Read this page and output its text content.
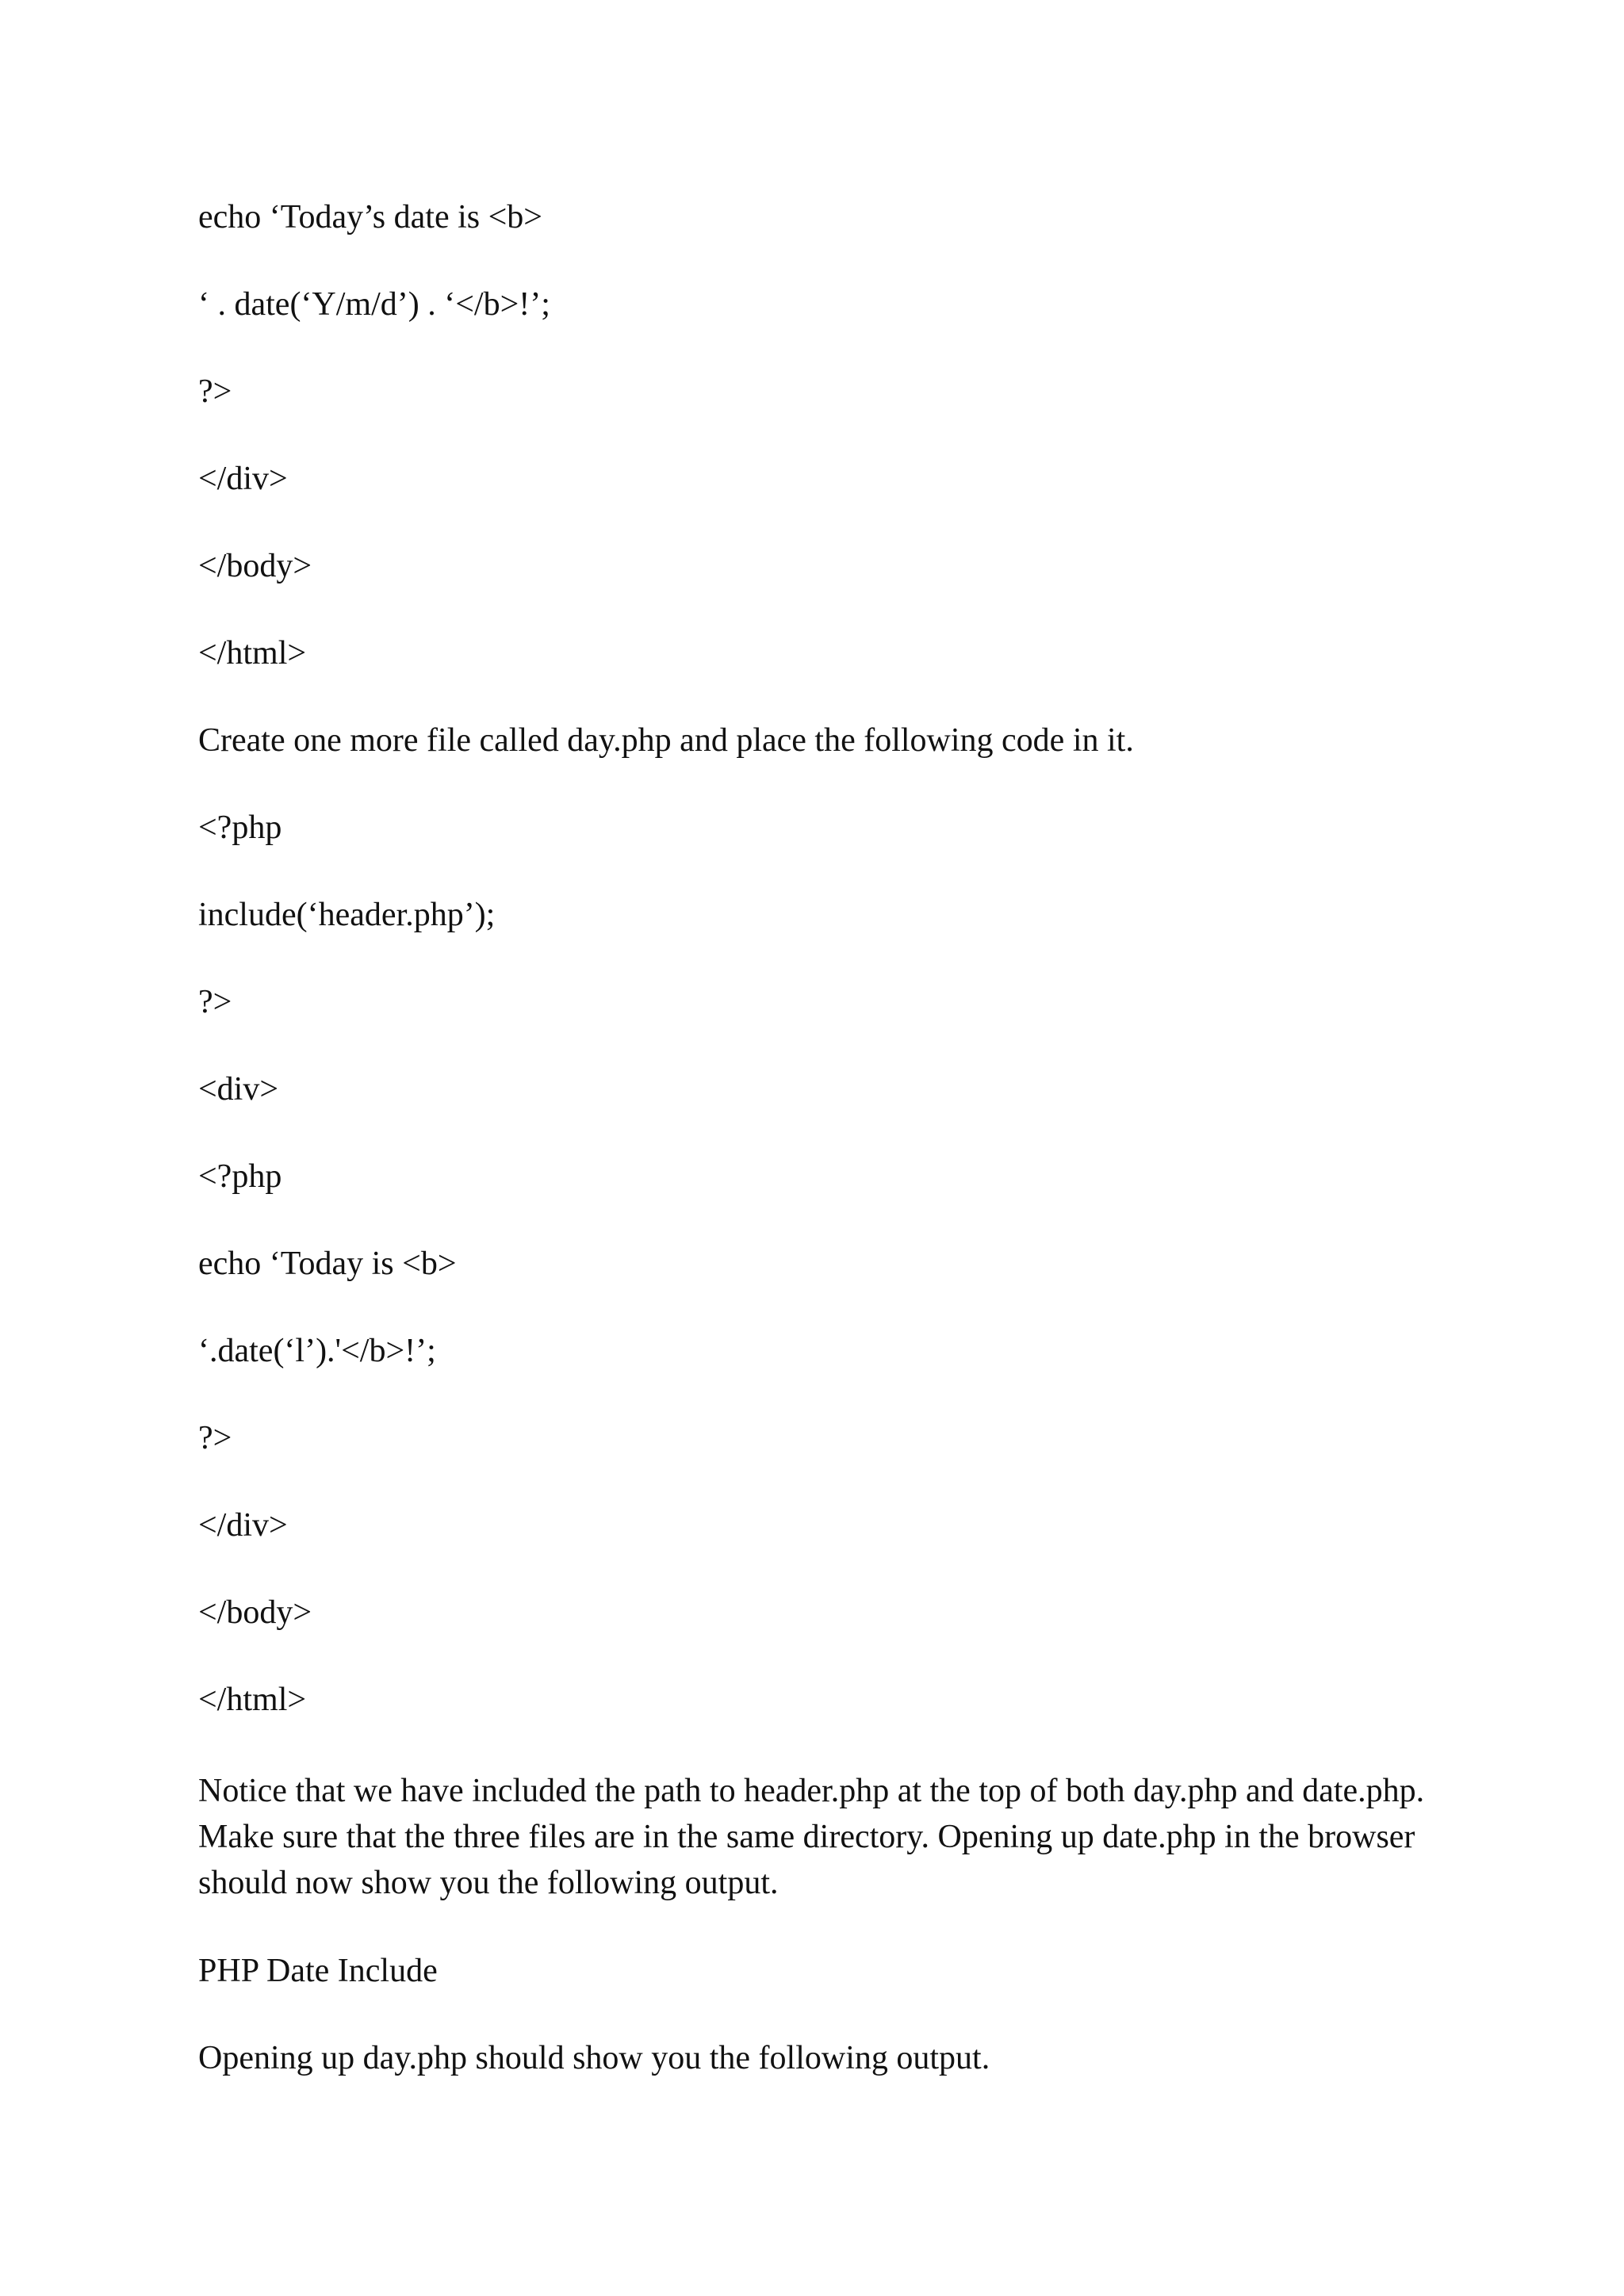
echo ‘Today’s date is <b>
‘ . date(‘Y/m/d’) . ‘</b>!’;
?>
</div>
</body>
</html>
Create one more file called day.php and place the following code in it.
<?php
include(‘header.php’);
?>
<div>
<?php
echo ‘Today is <b>
‘.date(‘l’).'</b>!’;
?>
</div>
</body>
</html>
Notice that we have included the path to header.php at the top of both day.php and date.php. Make sure that the three files are in the same directory. Opening up date.php in the browser should now show you the following output.
PHP Date Include
Opening up day.php should show you the following output.
